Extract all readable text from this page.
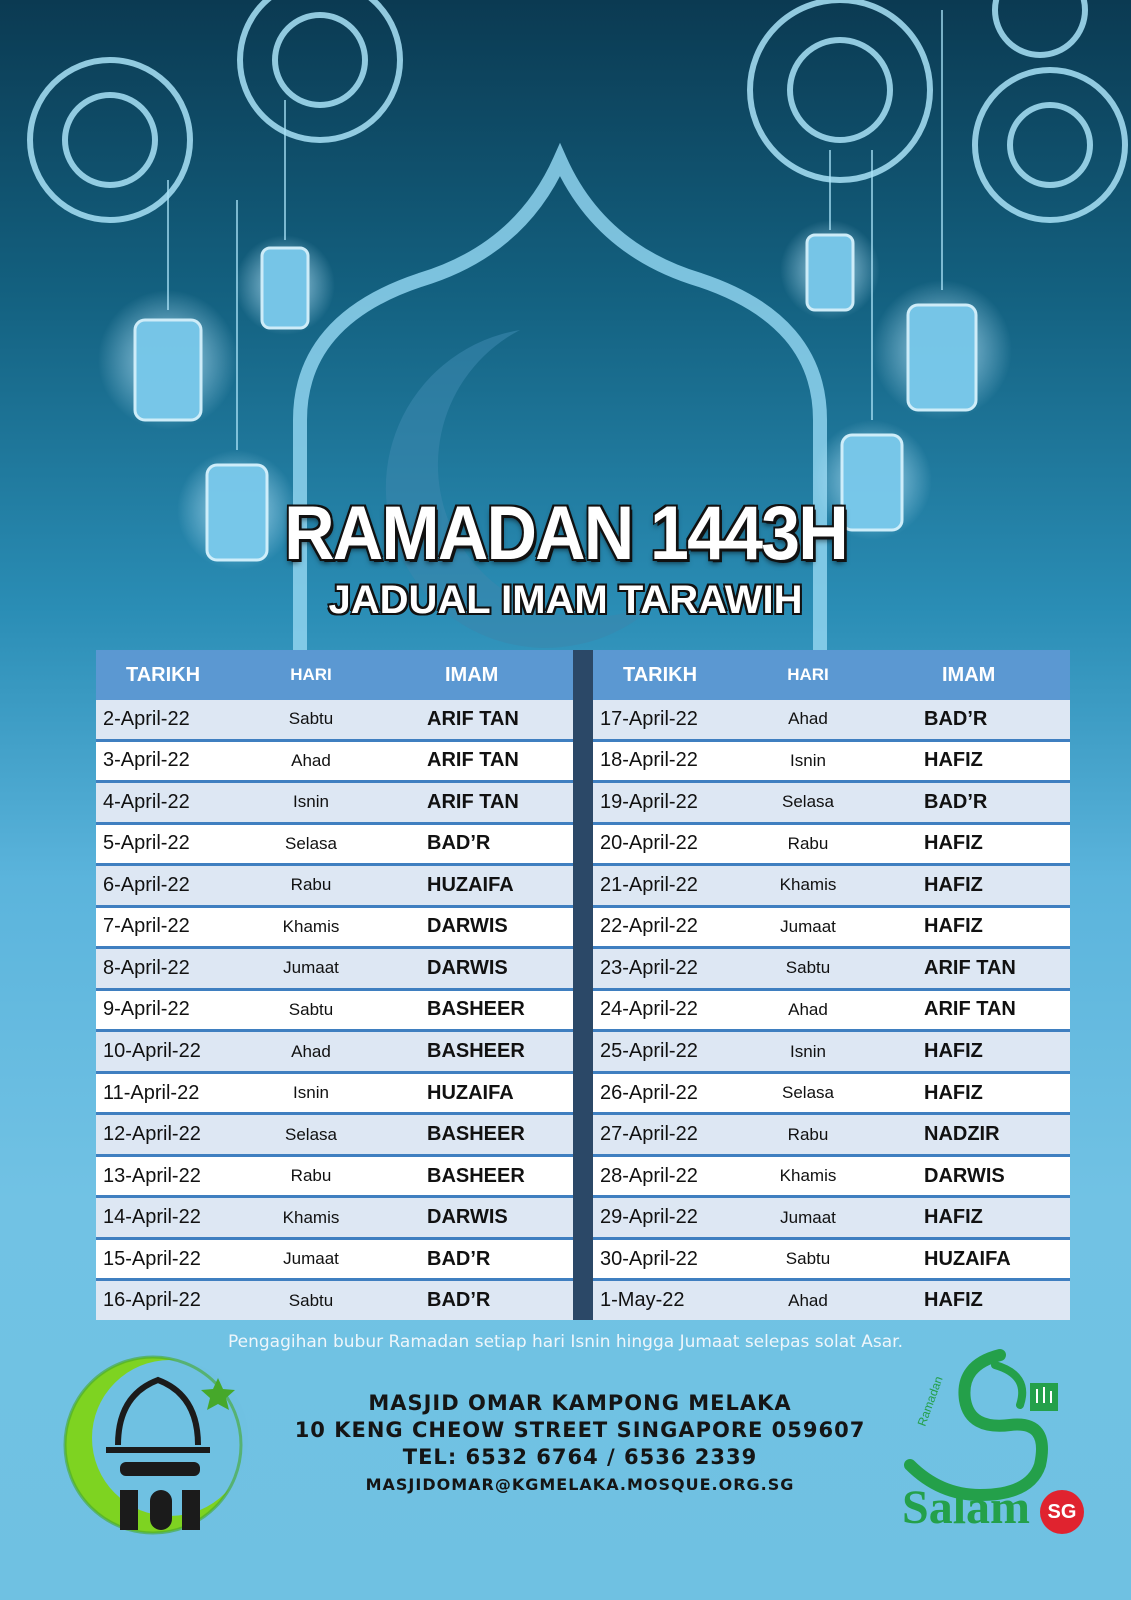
RAMADAN 1443H
JADUAL IMAM TARAWIH
TARIKH	HARI	IMAM
2-April-22	Sabtu	ARIF TAN
3-April-22	Ahad	ARIF TAN
4-April-22	Isnin	ARIF TAN
5-April-22	Selasa	BAD’R
6-April-22	Rabu	HUZAIFA
7-April-22	Khamis	DARWIS
8-April-22	Jumaat	DARWIS
9-April-22	Sabtu	BASHEER
10-April-22	Ahad	BASHEER
11-April-22	Isnin	HUZAIFA
12-April-22	Selasa	BASHEER
13-April-22	Rabu	BASHEER
14-April-22	Khamis	DARWIS
15-April-22	Jumaat	BAD’R
16-April-22	Sabtu	BAD’R
TARIKH	HARI	IMAM
17-April-22	Ahad	BAD’R
18-April-22	Isnin	HAFIZ
19-April-22	Selasa	BAD’R
20-April-22	Rabu	HAFIZ
21-April-22	Khamis	HAFIZ
22-April-22	Jumaat	HAFIZ
23-April-22	Sabtu	ARIF TAN
24-April-22	Ahad	ARIF TAN
25-April-22	Isnin	HAFIZ
26-April-22	Selasa	HAFIZ
27-April-22	Rabu	NADZIR
28-April-22	Khamis	DARWIS
29-April-22	Jumaat	HAFIZ
30-April-22	Sabtu	HUZAIFA
1-May-22	Ahad	HAFIZ
Pengagihan bubur Ramadan setiap hari Isnin hingga Jumaat selepas solat Asar.
MASJID OMAR KAMPONG MELAKA
10 KENG CHEOW STREET SINGAPORE 059607
TEL: 6532 6764 / 6536 2339
MASJIDOMAR@KGMELAKA.MOSQUE.ORG.SG
Ramadan
Salam SG
